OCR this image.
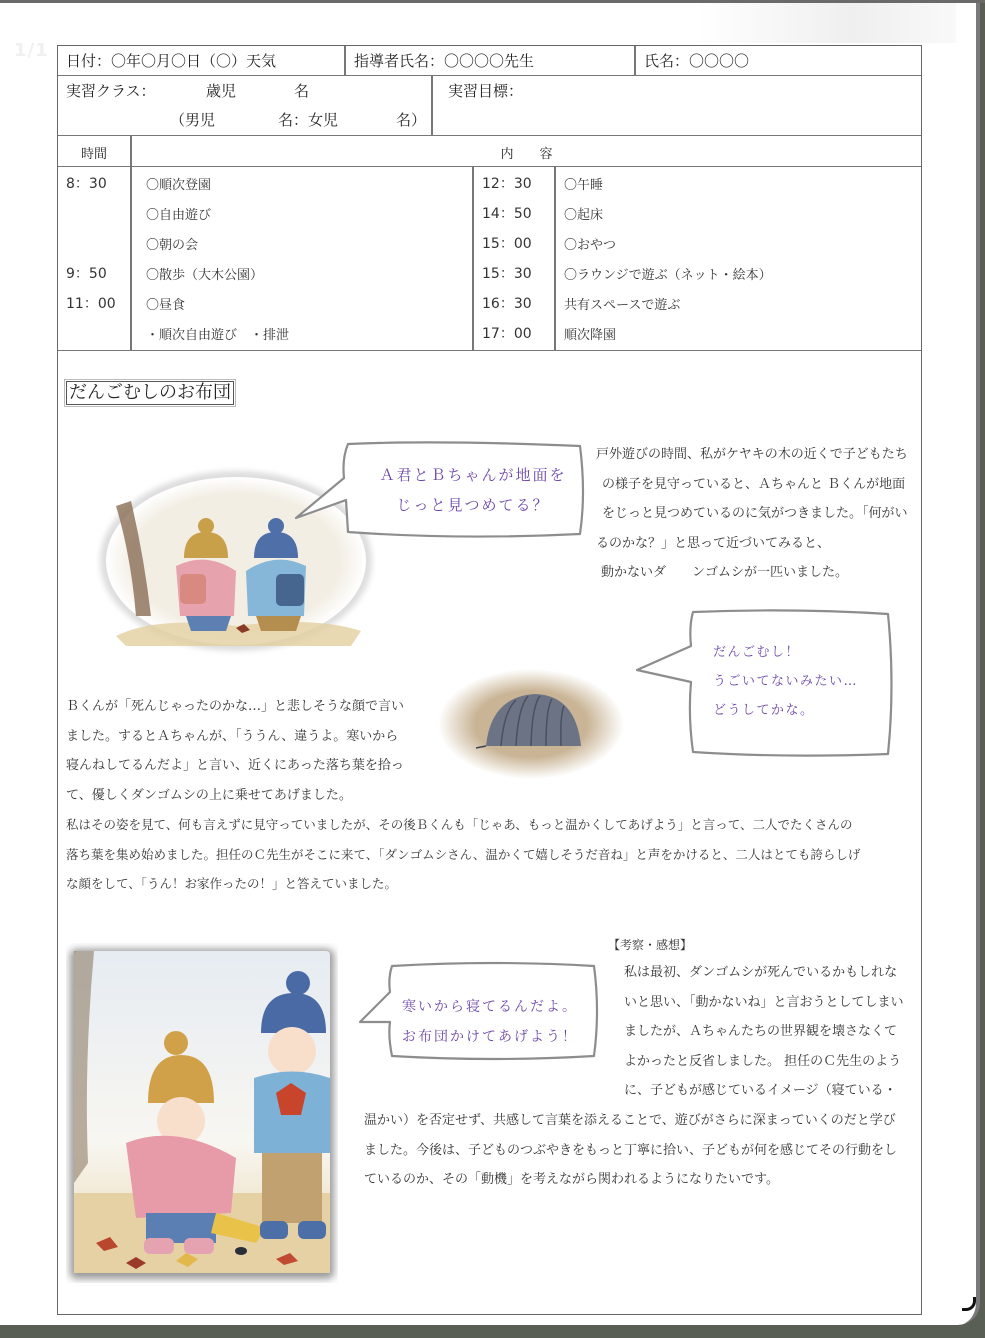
1/1	日付：〇年〇月〇日（〇）天気	指導者氏名：〇〇〇〇先生	氏名：〇〇〇〇
実習クラス：	歳児	名
（男児	名：女児	名）
実習目標：
時間	内　　容
8：30	〇順次登園
〇自由遊び
〇朝の会
9：50	〇散歩（大木公園）
11：00 〇昼食
・順次自由遊び　・排泄
12：30 〇午睡
14：50 〇起床
15：00 〇おやつ
15：30 〇ラウンジで遊ぶ（ネット・絵本）
16：30 共有スペースで遊ぶ
17：00 順次降園
だんごむしのお布団
Ａ君とＢちゃんが地面を
じっと見つめてる？
戸外遊びの時間、私がケヤキの木の近くで子どもたち
の様子を見守っていると、Ａちゃんと Ｂくんが地面
をじっと見つめているのに気がつきました。「何がい
るのかな？」と思って近づいてみると、
動かないダ　　ンゴムシが一匹いました。
だんごむし！
うごいてないみたい…
どうしてかな。
Ｂくんが「死んじゃったのかな…」と悲しそうな顔で言い
ました。するとＡちゃんが、「ううん、違うよ。寒いから
寝んねしてるんだよ」と言い、近くにあった落ち葉を拾っ
て、優しくダンゴムシの上に乗せてあげました。
私はその姿を見て、何も言えずに見守っていましたが、その後Ｂくんも「じゃあ、もっと温かくしてあげよう」と言って、二人でたくさんの
落ち葉を集め始めました。担任のＣ先生がそこに来て、「ダンゴムシさん、温かくて嬉しそうだ音ね」と声をかけると、二人はとても誇らしげ
な顔をして、「うん！お家作ったの！」と答えていました。
寒いから寝てるんだよ。
お布団かけてあげよう！
【考察・感想】
私は最初、ダンゴムシが死んでいるかもしれな
いと思い、「動かないね」と言おうとしてしまい
ましたが、Ａちゃんたちの世界観を壊さなくて
よかったと反省しました。 担任のＣ先生のよう
に、子どもが感じているイメージ（寝ている・
温かい）を否定せず、共感して言葉を添えることで、遊びがさらに深まっていくのだと学び
ました。今後は、子どものつぶやきをもっと丁寧に拾い、子どもが何を感じてその行動をし
ているのか、その「動機」を考えながら関われるようになりたいです。
